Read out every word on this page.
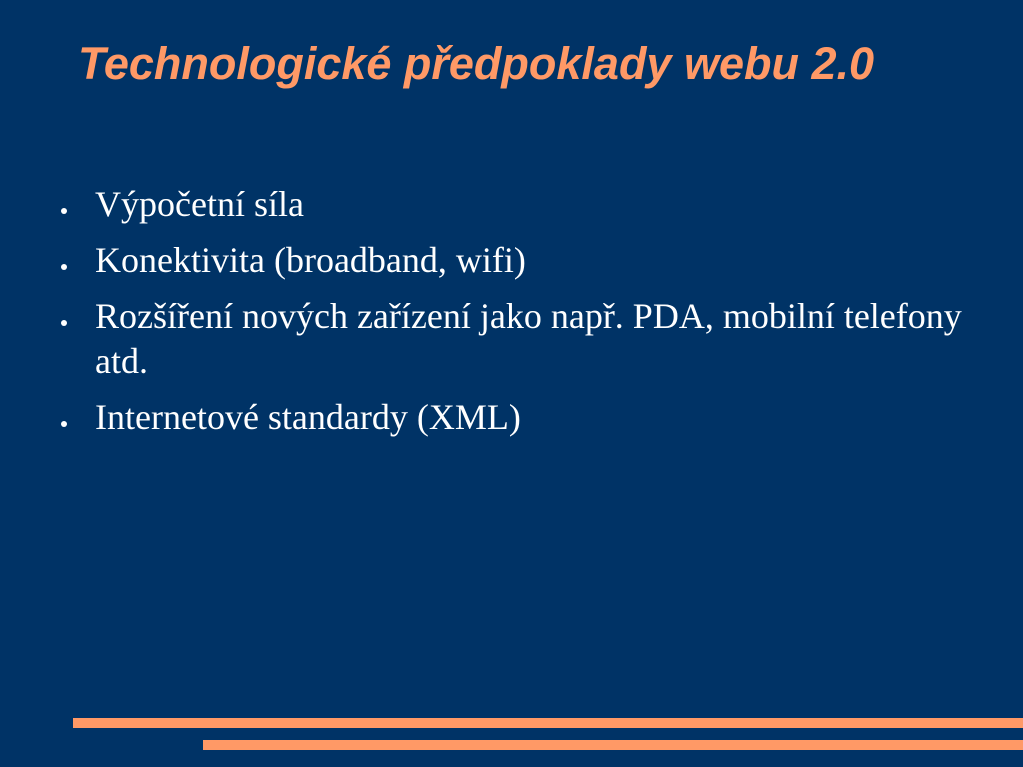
Technologické předpoklady webu 2.0
Výpočetní síla
Konektivita (broadband, wifi)
Rozšíření nových zařízení jako např. PDA, mobilní telefony atd.
Internetové standardy (XML)
